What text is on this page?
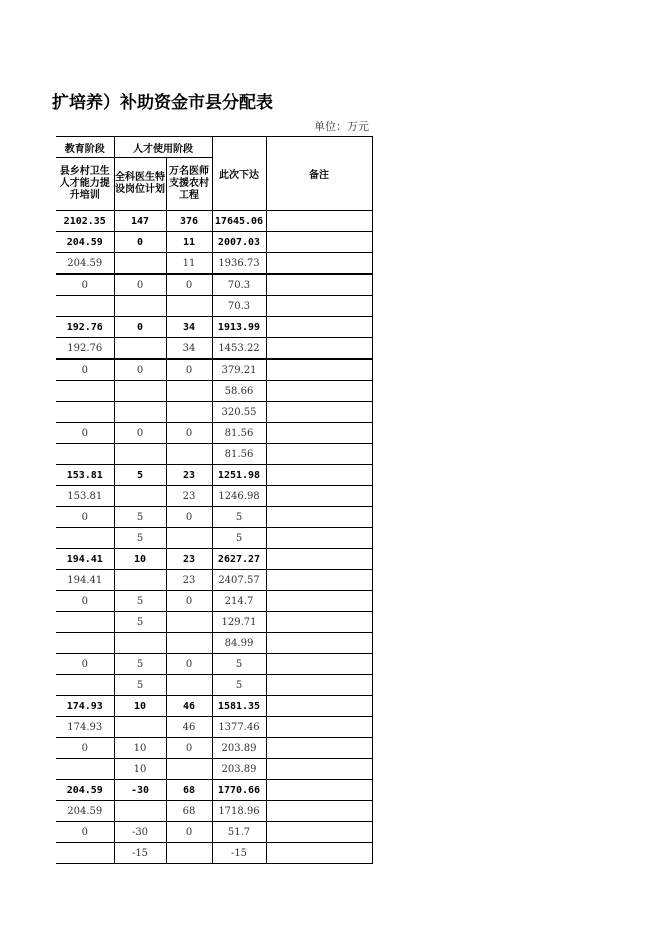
扩培养）补助资金市县分配表
单位：万元
教育阶段	人才使用阶段		此次下达	备注
县乡村卫生人才能力提升培训	全科医生特设岗位计划	万名医师支援农村工程		
2102.35	147	376	17645.06	
204.59	0	11	2007.03	
204.59		11	1936.73	
0	0	0	70.3	
			70.3	
192.76	0	34	1913.99	
192.76		34	1453.22	
0	0	0	379.21	
			58.66	
			320.55	
0	0	0	81.56	
			81.56	
153.81	5	23	1251.98	
153.81		23	1246.98	
0	5	0	5	
	5		5	
194.41	10	23	2627.27	
194.41		23	2407.57	
0	5	0	214.7	
	5		129.71	
			84.99	
0	5	0	5	
	5		5	
174.93	10	46	1581.35	
174.93		46	1377.46	
0	10	0	203.89	
	10		203.89	
204.59	-30	68	1770.66	
204.59		68	1718.96	
0	-30	0	51.7	
	-15		-15	
